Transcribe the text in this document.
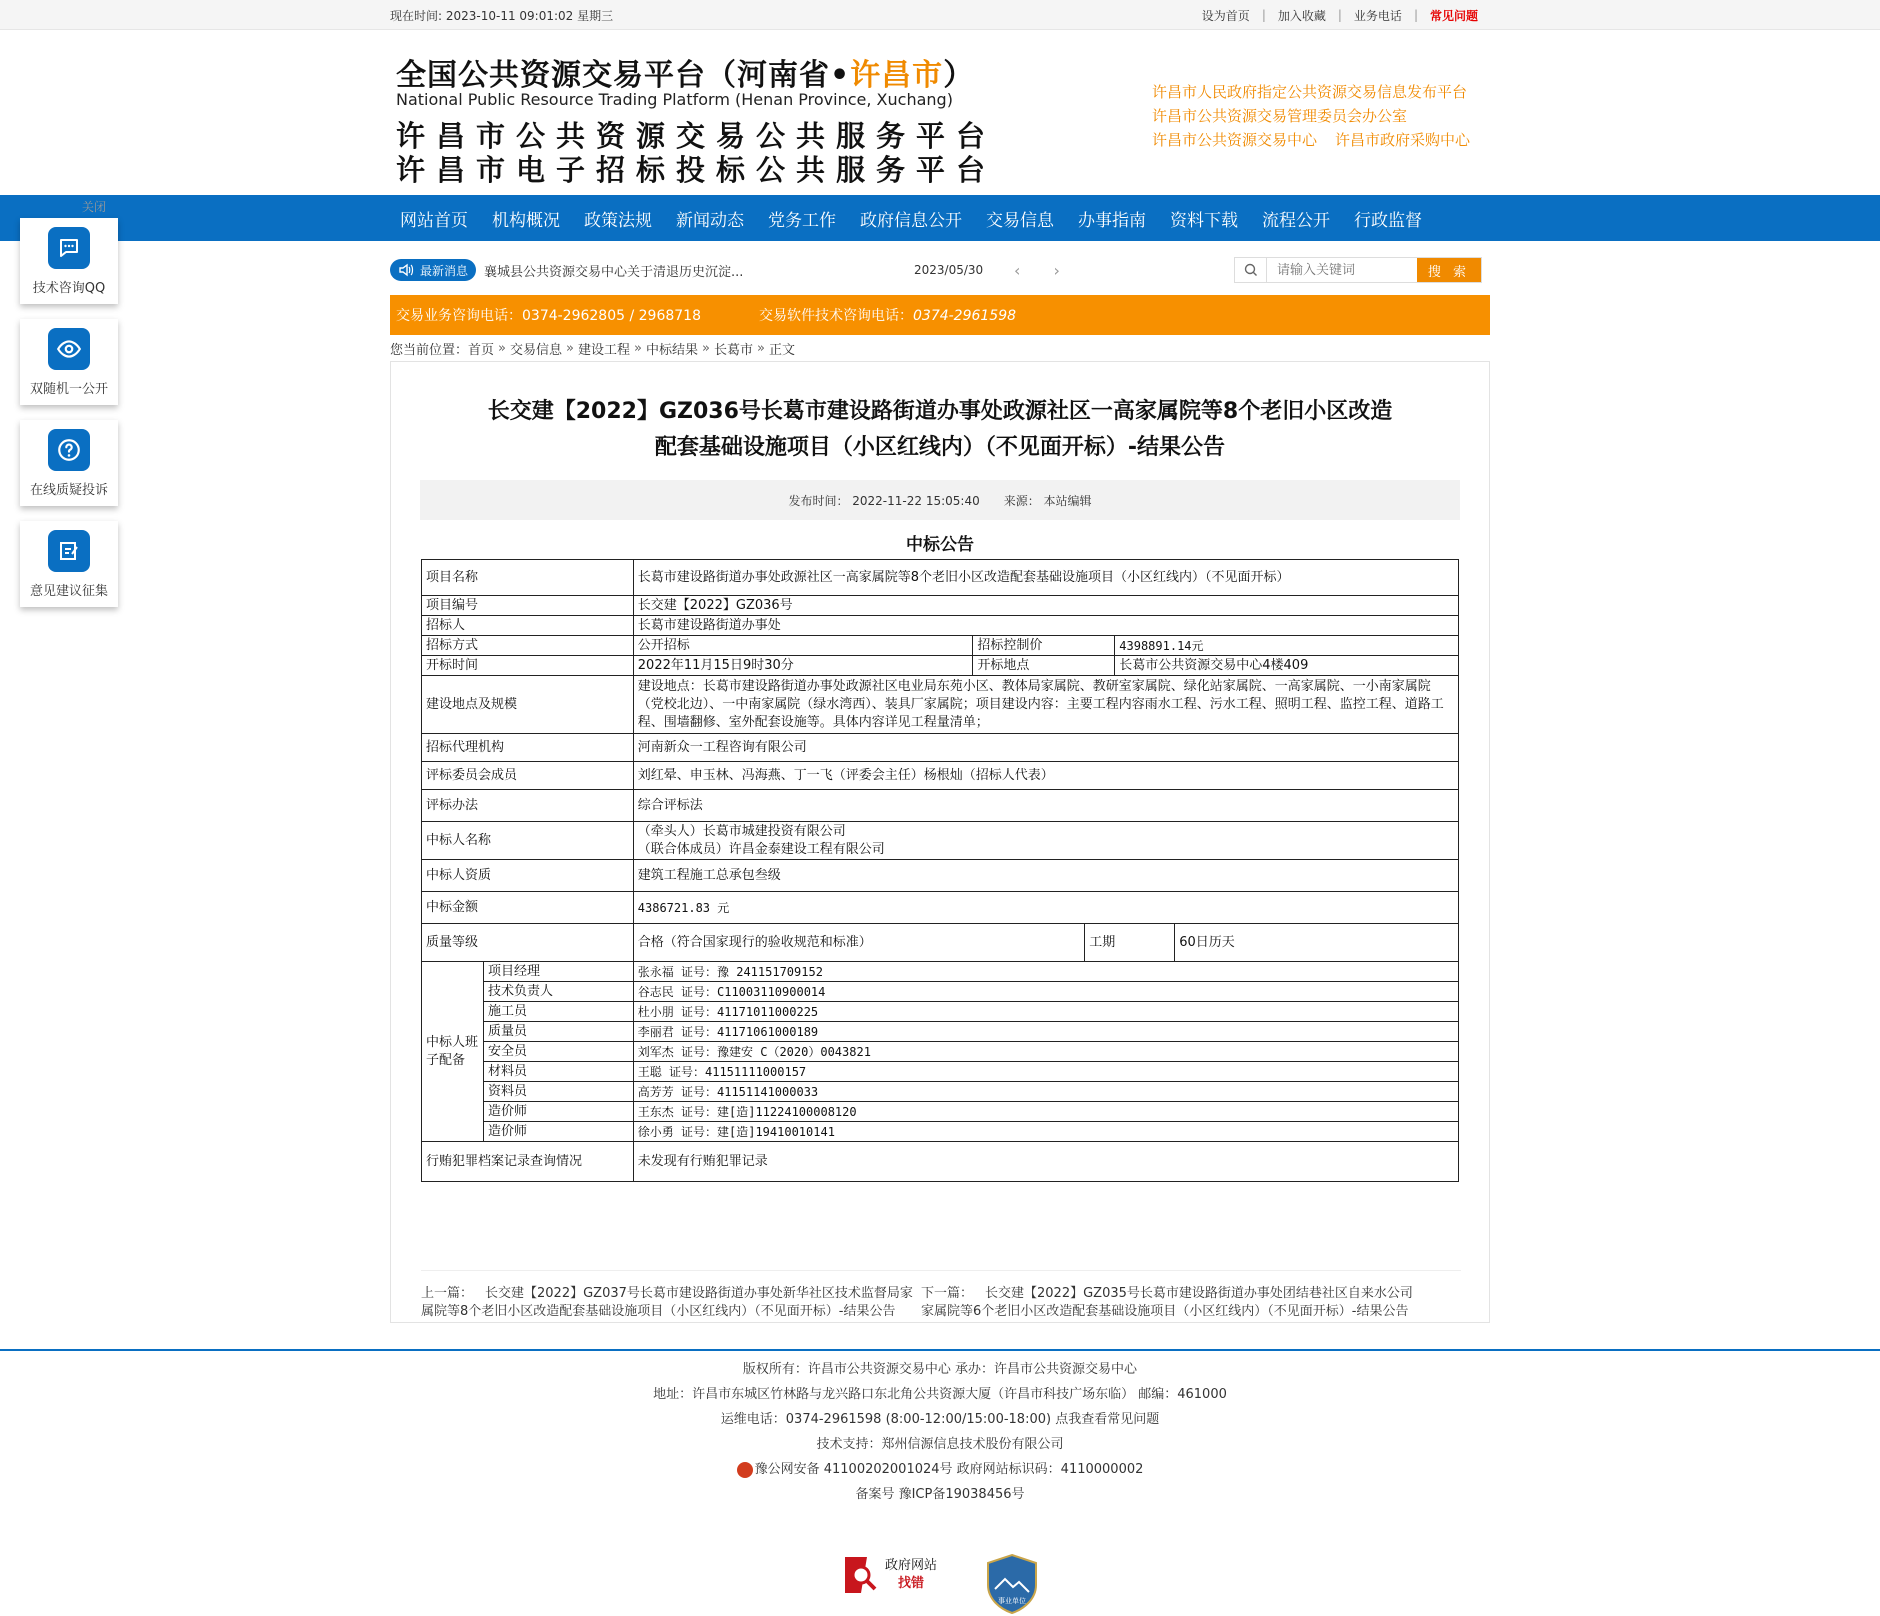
现在时间: 2023-10-11 09:01:02 星期三	设为首页	|	加入收藏	|	业务电话	|	常见问题
全国公共资源交易平台（河南省•许昌市）
National Public Resource Trading Platform (Henan Province, Xuchang)
许昌市公共资源交易公共服务平台
许昌市电子招标投标公共服务平台
许昌市人民政府指定公共资源交易信息发布平台
许昌市公共资源交易管理委员会办公室
许昌市公共资源交易中心 许昌市政府采购中心
网站首页	机构概况	政策法规	新闻动态	党务工作	政府信息公开	交易信息	办事指南	资料下载	流程公开	行政监督
关闭
技术咨询QQ
双随机一公开
在线质疑投诉
意见建议征集
最新消息 襄城县公共资源交易中心关于清退历史沉淀...	2023/05/30	‹ ›
请输入关键词	搜 索
交易业务咨询电话：0374-2962805 / 2968718	交易软件技术咨询电话：0374-2961598
您当前位置： 首页 » 交易信息 » 建设工程 » 中标结果 » 长葛市 » 正文
长交建【2022】GZ036号长葛市建设路街道办事处政源社区一高家属院等8个老旧小区改造
配套基础设施项目（小区红线内）（不见面开标）-结果公告
发布时间： 2022-11-22 15:05:40 来源： 本站编辑
中标公告
项目名称		长葛市建设路街道办事处政源社区一高家属院等8个老旧小区改造配套基础设施项目（小区红线内）（不见面开标）				
项目编号		长交建【2022】GZ036号				
招标人		长葛市建设路街道办事处				
招标方式		公开招标	招标控制价		4398891.14元	
开标时间		2022年11月15日9时30分	开标地点		长葛市公共资源交易中心4楼409	
建设地点及规模		建设地点：长葛市建设路街道办事处政源社区电业局东苑小区、教体局家属院、教研室家属院、绿化站家属院、一高家属院、一小南家属院（党校北边）、一中南家属院（绿水湾西）、装具厂家属院；项目建设内容：主要工程内容雨水工程、污水工程、照明工程、监控工程、道路工程、围墙翻修、室外配套设施等。具体内容详见工程量清单；				
招标代理机构		河南新众一工程咨询有限公司				
评标委员会成员		刘红晕、申玉林、冯海燕、丁一飞（评委会主任）杨根灿（招标人代表）				
评标办法		综合评标法				
中标人名称		（牵头人）长葛市城建投资有限公司
（联合体成员）许昌金泰建设工程有限公司				

中标人资质		建筑工程施工总承包叁级				
中标金额		4386721.83 元				
质量等级		合格（符合国家现行的验收规范和标准）		工期		60日历天
中标人班子配备	项目经理	张永福 证号：豫 241151709152				
	技术负责人	谷志民 证号：C11003110900014				
	施工员	杜小朋 证号：41171011000225				
	质量员	李丽君 证号：41171061000189				
	安全员	刘军杰 证号：豫建安 C（2020）0043821				
	材料员	王聪 证号：41151111000157				
	资料员	高芳芳 证号：41151141000033				
	造价师	王东杰 证号：建[造]11224100008120				
	造价师	徐小勇 证号：建[造]19410010141				
行贿犯罪档案记录查询情况		未发现有行贿犯罪记录				
上一篇： 长交建【2022】GZ037号长葛市建设路街道办事处新华社区技术监督局家属院等8个老旧小区改造配套基础设施项目（小区红线内）（不见面开标）-结果公告
下一篇： 长交建【2022】GZ035号长葛市建设路街道办事处团结巷社区自来水公司家属院等6个老旧小区改造配套基础设施项目（小区红线内）（不见面开标）-结果公告
版权所有：许昌市公共资源交易中心 承办：许昌市公共资源交易中心
地址：许昌市东城区竹林路与龙兴路口东北角公共资源大厦（许昌市科技广场东临） 邮编：461000
运维电话：0374-2961598 (8:00-12:00/15:00-18:00) 点我查看常见问题
技术支持：郑州信源信息技术股份有限公司
豫公网安备 41100202001024号 政府网站标识码：4110000002
备案号 豫ICP备19038456号
政府网站
找错
事业单位
